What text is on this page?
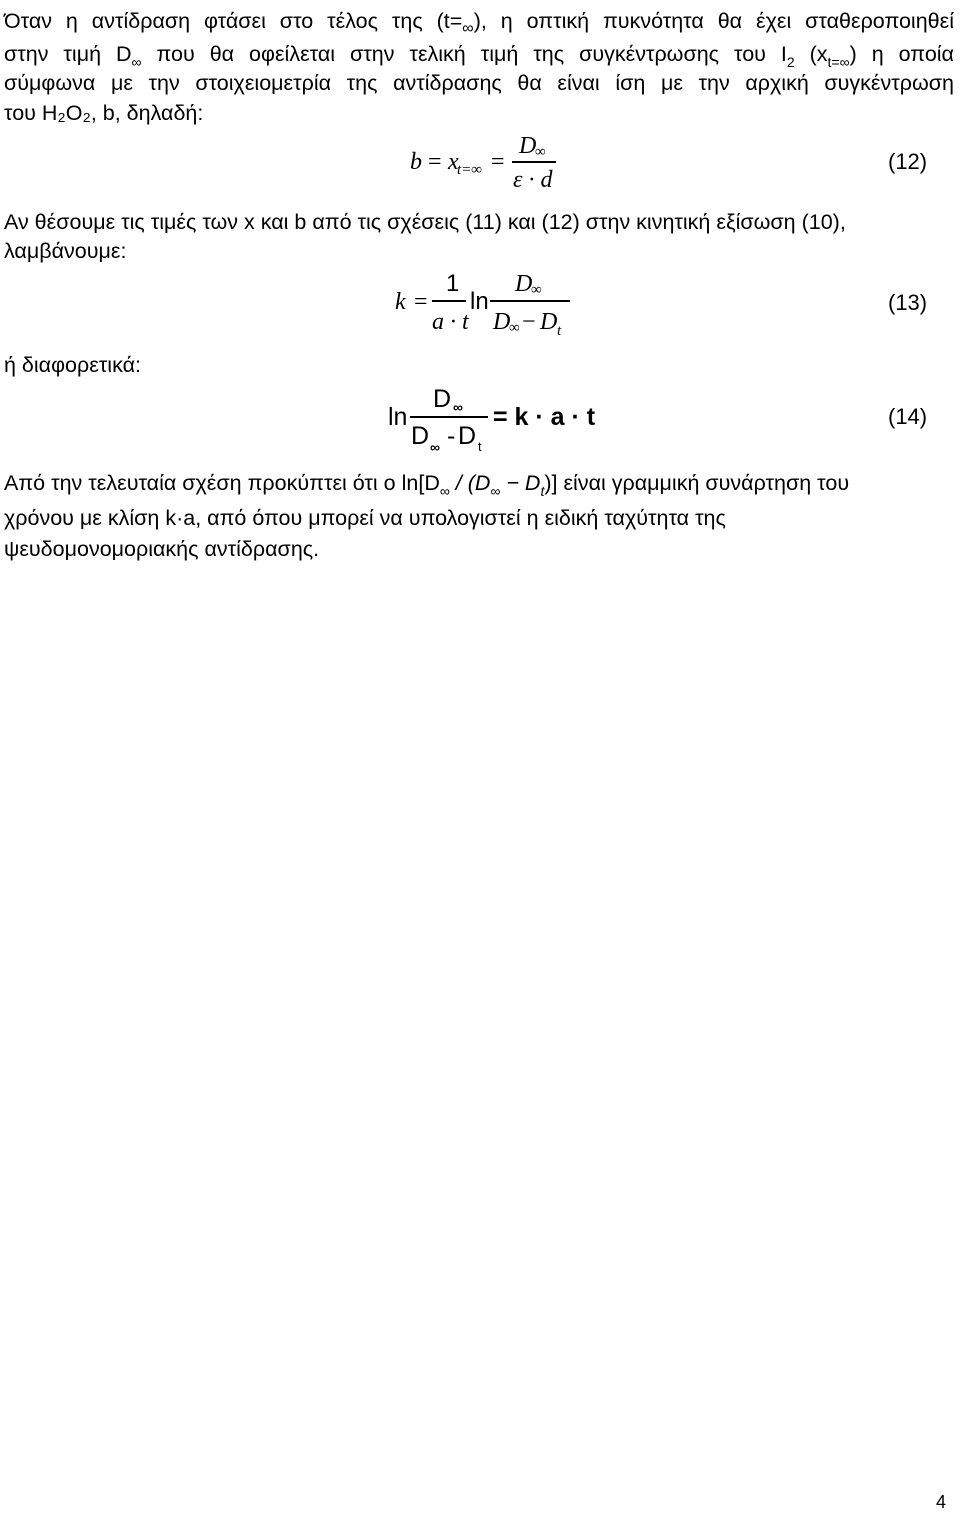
Όταν η αντίδραση φτάσει στο τέλος της $(t=_\infty)$, η οπτική πυκνότητα θα έχει σταθεροποιηθεί
στην τιμή $D_\infty$ που θα οφείλεται στην τελική τιμή της συγκέντρωσης του $I_2$ $(x_{t=\infty})$ η οποία
σύμφωνα με την στοιχειομετρία της αντίδρασης θα είναι ίση με την αρχική συγκέντρωση
του H₂O₂, b, δηλαδή:
b = x
t=∞ =
D
∞
ε · d
(12)
Αν θέσουμε τις τιμές των x και b από τις σχέσεις (11) και (12) στην κινητική εξίσωση (10),
λαμβάνουμε:
k =
1
a · t
ln
D
∞
D
∞ − D t
(13)
ή διαφορετικά:
ln
D ∞
D ∞ - D t
= k · a · t	(14)
Από την τελευταία σχέση προκύπτει ότι ο $\ln[D_\infty / (D_\infty - D_t)]$ είναι γραμμική συνάρτηση του
χρόνου με κλίση k·a, από όπου μπορεί να υπολογιστεί η ειδική ταχύτητα της
ψευδομονομοριακής αντίδρασης.
4
